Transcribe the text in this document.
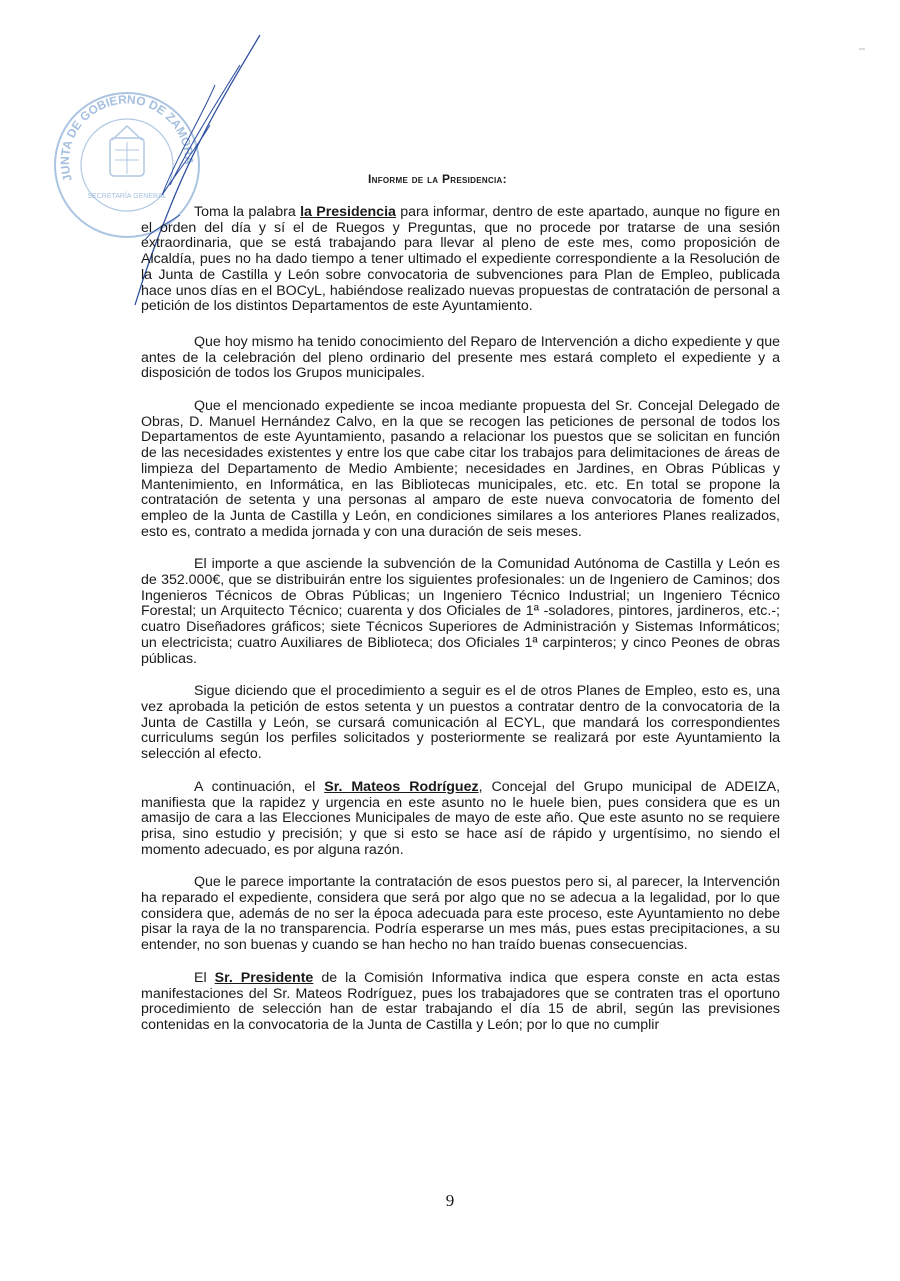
JUNTA DE GOBIERNO DE ZAMORA
SECRETARÍA GENERAL
Informe de la Presidencia:

Toma la palabra la Presidencia para informar, dentro de este apartado, aunque no figure en el orden del día y sí el de Ruegos y Preguntas, que no procede por tratarse de una sesión extraordinaria, que se está trabajando para llevar al pleno de este mes, como proposición de Alcaldía, pues no ha dado tiempo a tener ultimado el expediente correspondiente a la Resolución de la Junta de Castilla y León sobre convocatoria de subvenciones para Plan de Empleo, publicada hace unos días en el BOCyL, habiéndose realizado nuevas propuestas de contratación de personal a petición de los distintos Departamentos de este Ayuntamiento.

Que hoy mismo ha tenido conocimiento del Reparo de Intervención a dicho expediente y que antes de la celebración del pleno ordinario del presente mes estará completo el expediente y a disposición de todos los Grupos municipales.

Que el mencionado expediente se incoa mediante propuesta del Sr. Concejal Delegado de Obras, D. Manuel Hernández Calvo, en la que se recogen las peticiones de personal de todos los Departamentos de este Ayuntamiento, pasando a relacionar los puestos que se solicitan en función de las necesidades existentes y entre los que cabe citar los trabajos para delimitaciones de áreas de limpieza del Departamento de Medio Ambiente; necesidades en Jardines, en Obras Públicas y Mantenimiento, en Informática, en las Bibliotecas municipales, etc. etc. En total se propone la contratación de setenta y una personas al amparo de este nueva convocatoria de fomento del empleo de la Junta de Castilla y León, en condiciones similares a los anteriores Planes realizados, esto es, contrato a medida jornada y con una duración de seis meses.

El importe a que asciende la subvención de la Comunidad Autónoma de Castilla y León es de 352.000€, que se distribuirán entre los siguientes profesionales: un de Ingeniero de Caminos; dos Ingenieros Técnicos de Obras Públicas; un Ingeniero Técnico Industrial; un Ingeniero Técnico Forestal; un Arquitecto Técnico; cuarenta y dos Oficiales de 1ª -soladores, pintores, jardineros, etc.-; cuatro Diseñadores gráficos; siete Técnicos Superiores de Administración y Sistemas Informáticos; un electricista; cuatro Auxiliares de Biblioteca; dos Oficiales 1ª carpinteros; y cinco Peones de obras públicas.

Sigue diciendo que el procedimiento a seguir es el de otros Planes de Empleo, esto es, una vez aprobada la petición de estos setenta y un puestos a contratar dentro de la convocatoria de la Junta de Castilla y León, se cursará comunicación al ECYL, que mandará los correspondientes curriculums según los perfiles solicitados y posteriormente se realizará por este Ayuntamiento la selección al efecto.

A continuación, el Sr. Mateos Rodríguez, Concejal del Grupo municipal de ADEIZA, manifiesta que la rapidez y urgencia en este asunto no le huele bien, pues considera que es un amasijo de cara a las Elecciones Municipales de mayo de este año. Que este asunto no se requiere prisa, sino estudio y precisión; y que si esto se hace así de rápido y urgentísimo, no siendo el momento adecuado, es por alguna razón.

Que le parece importante la contratación de esos puestos pero si, al parecer, la Intervención ha reparado el expediente, considera que será por algo que no se adecua a la legalidad, por lo que considera que, además de no ser la época adecuada para este proceso, este Ayuntamiento no debe pisar la raya de la no transparencia. Podría esperarse un mes más, pues estas precipitaciones, a su entender, no son buenas y cuando se han hecho no han traído buenas consecuencias.

El Sr. Presidente de la Comisión Informativa indica que espera conste en acta estas manifestaciones del Sr. Mateos Rodríguez, pues los trabajadores que se contraten tras el oportuno procedimiento de selección han de estar trabajando el día 15 de abril, según las previsiones contenidas en la convocatoria de la Junta de Castilla y León; por lo que no cumplir

9
